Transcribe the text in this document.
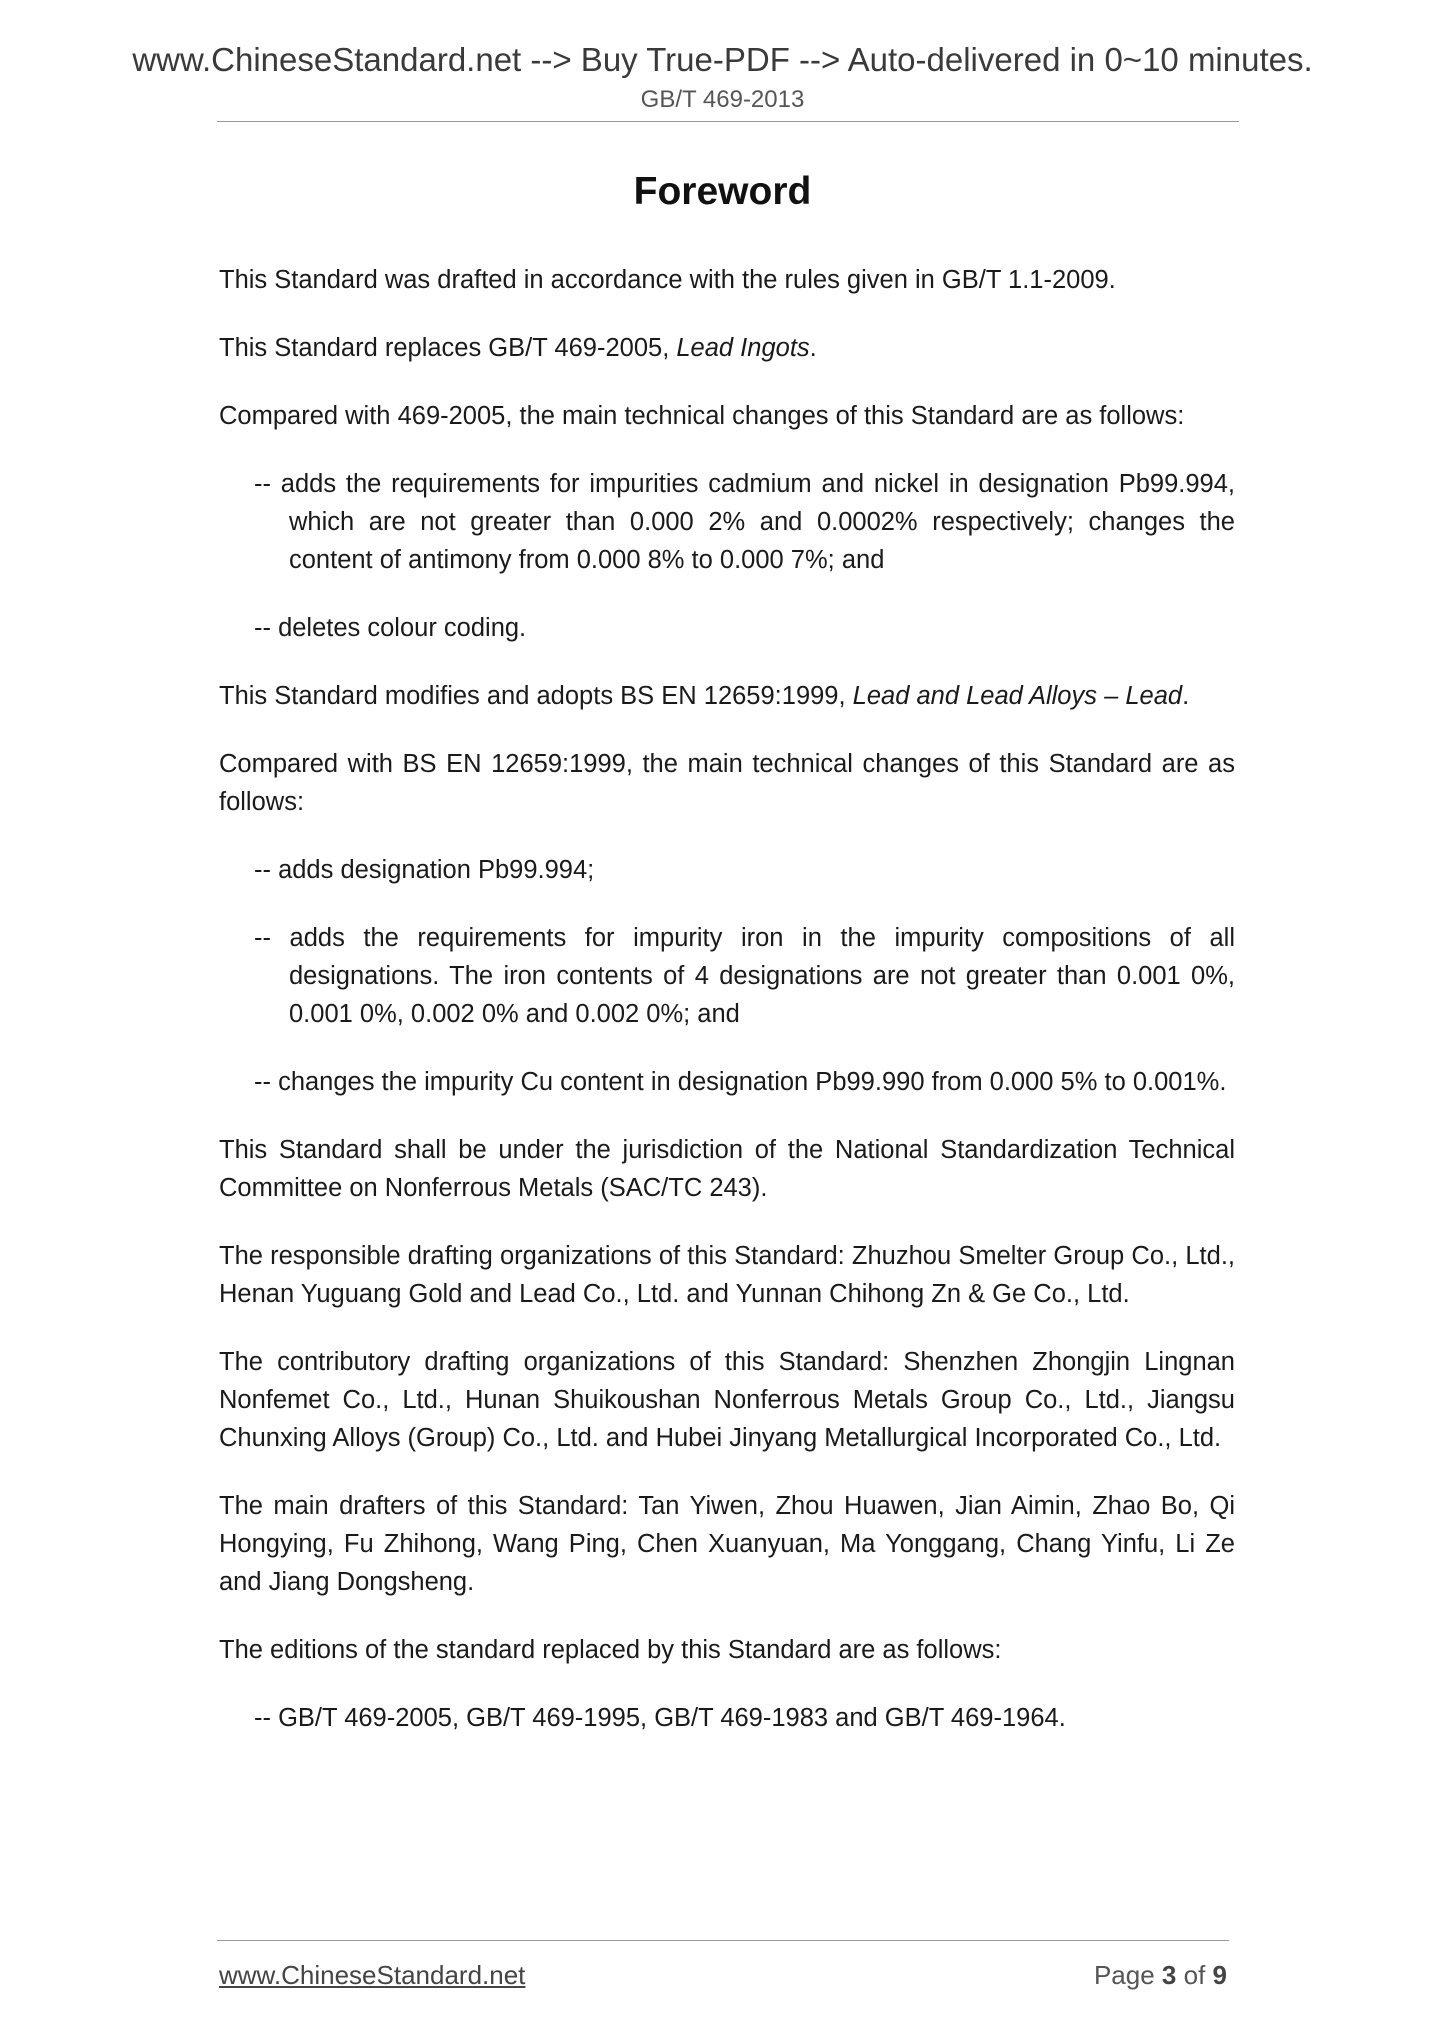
www.ChineseStandard.net --> Buy True-PDF --> Auto-delivered in 0~10 minutes.
GB/T 469-2013
Foreword

This Standard was drafted in accordance with the rules given in GB/T 1.1-2009.

This Standard replaces GB/T 469-2005, Lead Ingots.

Compared with 469-2005, the main technical changes of this Standard are as follows:

-- adds the requirements for impurities cadmium and nickel in designation Pb99.994, which are not greater than 0.000 2% and 0.0002% respectively; changes the content of antimony from 0.000 8% to 0.000 7%; and

-- deletes colour coding.

This Standard modifies and adopts BS EN 12659:1999, Lead and Lead Alloys – Lead.

Compared with BS EN 12659:1999, the main technical changes of this Standard are as follows:

-- adds designation Pb99.994;

-- adds the requirements for impurity iron in the impurity compositions of all designations. The iron contents of 4 designations are not greater than 0.001 0%, 0.001 0%, 0.002 0% and 0.002 0%; and

-- changes the impurity Cu content in designation Pb99.990 from 0.000 5% to 0.001%.

This Standard shall be under the jurisdiction of the National Standardization Technical Committee on Nonferrous Metals (SAC/TC 243).

The responsible drafting organizations of this Standard: Zhuzhou Smelter Group Co., Ltd., Henan Yuguang Gold and Lead Co., Ltd. and Yunnan Chihong Zn & Ge Co., Ltd.

The contributory drafting organizations of this Standard: Shenzhen Zhongjin Lingnan Nonfemet Co., Ltd., Hunan Shuikoushan Nonferrous Metals Group Co., Ltd., Jiangsu Chunxing Alloys (Group) Co., Ltd. and Hubei Jinyang Metallurgical Incorporated Co., Ltd.

The main drafters of this Standard: Tan Yiwen, Zhou Huawen, Jian Aimin, Zhao Bo, Qi Hongying, Fu Zhihong, Wang Ping, Chen Xuanyuan, Ma Yonggang, Chang Yinfu, Li Ze and Jiang Dongsheng.

The editions of the standard replaced by this Standard are as follows:

-- GB/T 469-2005, GB/T 469-1995, GB/T 469-1983 and GB/T 469-1964.

www.ChineseStandard.net	Page 3 of 9
